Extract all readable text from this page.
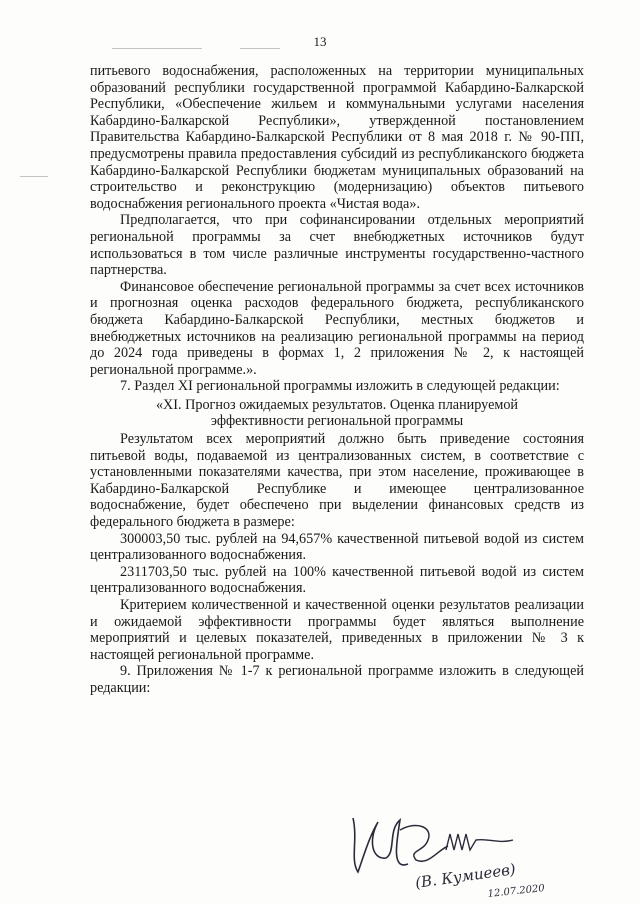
13

питьевого водоснабжения, расположенных на территории муниципальных образований республики государственной программой Кабардино-Балкарской Республики, «Обеспечение жильем и коммунальными услугами населения Кабардино-Балкарской Республики», утвержденной постановлением Правительства Кабардино-Балкарской Республики от 8 мая 2018 г. № 90-ПП, предусмотрены правила предоставления субсидий из республиканского бюджета Кабардино-Балкарской Республики бюджетам муниципальных образований на строительство и реконструкцию (модернизацию) объектов питьевого водоснабжения регионального проекта «Чистая вода».

Предполагается, что при софинансировании отдельных мероприятий региональной программы за счет внебюджетных источников будут использоваться в том числе различные инструменты государственно-частного партнерства.

Финансовое обеспечение региональной программы за счет всех источников и прогнозная оценка расходов федерального бюджета, республиканского бюджета Кабардино-Балкарской Республики, местных бюджетов и внебюджетных источников на реализацию региональной программы на период до 2024 года приведены в формах 1, 2 приложения № 2, к настоящей региональной программе.».

7. Раздел XI региональной программы изложить в следующей редакции:

«XI. Прогноз ожидаемых результатов. Оценка планируемой
эффективности региональной программы

Результатом всех мероприятий должно быть приведение состояния питьевой воды, подаваемой из централизованных систем, в соответствие с установленными показателями качества, при этом население, проживающее в Кабардино-Балкарской Республике и имеющее централизованное водоснабжение, будет обеспечено при выделении финансовых средств из федерального бюджета в размере:

300003,50 тыс. рублей на 94,657% качественной питьевой водой из систем централизованного водоснабжения.

2311703,50 тыс. рублей на 100% качественной питьевой водой из систем централизованного водоснабжения.

Критерием количественной и качественной оценки результатов реализации и ожидаемой эффективности программы будет являться выполнение мероприятий и целевых показателей, приведенных в приложении № 3 к настоящей региональной программе.

9. Приложения № 1-7 к региональной программе изложить в следующей редакции:

(В. Кумиеев)
12.07.2020
